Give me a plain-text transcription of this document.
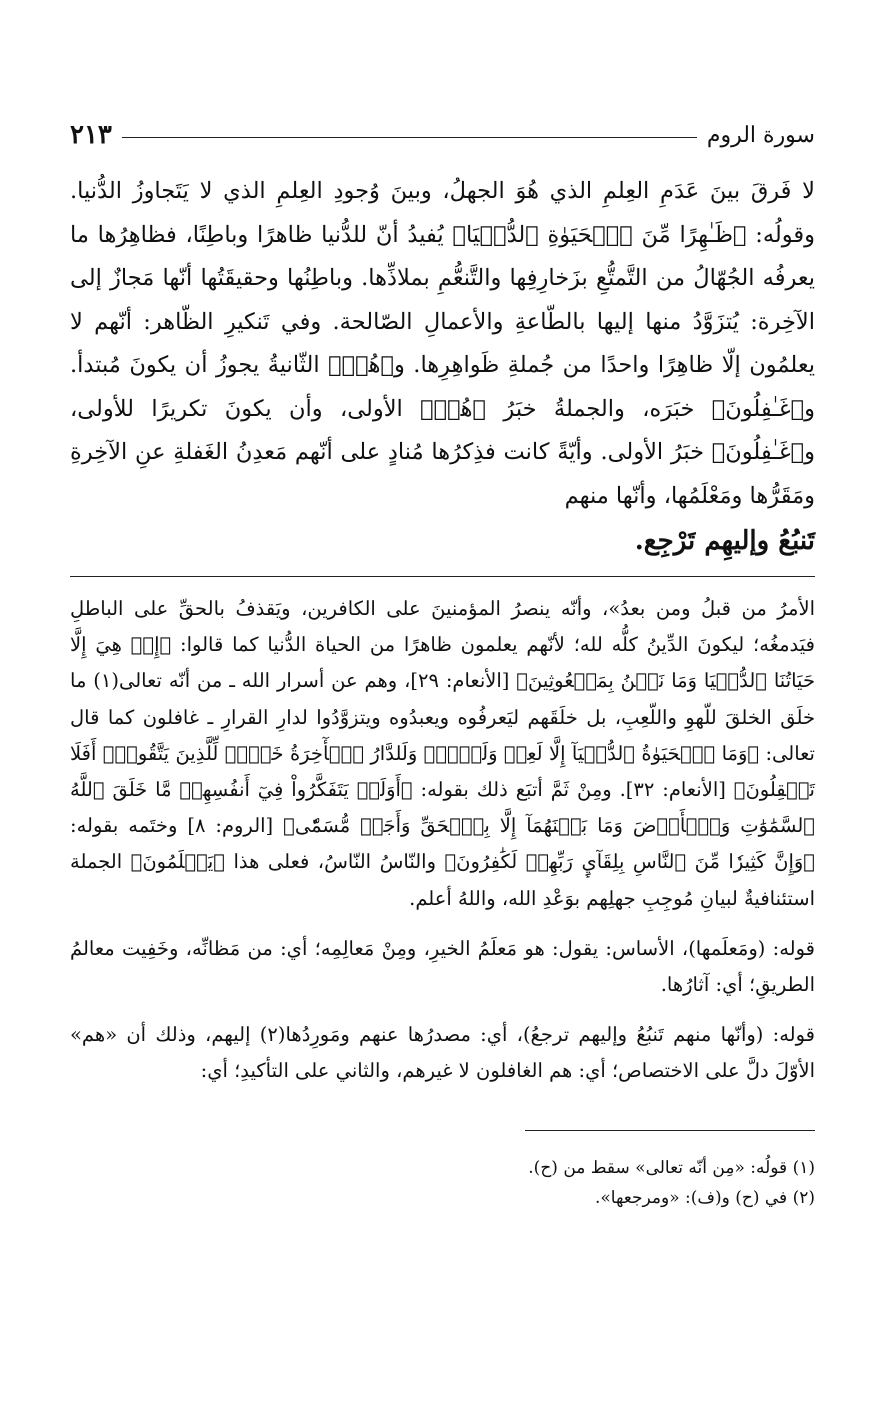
سورة الروم
٢١٣

لا فَرقَ بينَ عَدَمِ العِلمِ الذي هُوَ الجهلُ، وبينَ وُجودِ العِلمِ الذي لا يَتَجاوزُ الدُّنيا. وقولُه: ﴿ظَـٰهِرًا مِّنَ ٱلۡحَيَوٰةِ ٱلدُّنۡيَا﴾ يُفيدُ أنّ للدُّنيا ظاهرًا وباطِنًا، فظاهِرُها ما يعرفُه الجُهّالُ من التَّمتُّعِ بزَخارِفِها والتَّنعُّمِ بملاذِّها. وباطِنُها وحقيقَتُها أنّها مَجازٌ إلى الآخِرة: يُتزَوَّدُ منها إليها بالطّاعةِ والأعمالِ الصّالحة. وفي تَنكيرِ الظّاهر: أنّهم لا يعلمُون إلّا ظاهِرًا واحدًا من جُملةِ ظَواهِرِها. و﴿هُمۡ﴾ الثّانيةُ يجوزُ أن يكونَ مُبتدأ. و﴿غَـٰفِلُونَ﴾ خبَرَه، والجملةُ خبَرُ ﴿هُمۡ﴾ الأولى، وأن يكونَ تكريرًا للأولى، و﴿غَـٰفِلُونَ﴾ خبَرُ الأولى. وأيّةً كانت فذِكرُها مُنادٍ على أنّهم مَعدِنُ الغَفلةِ عنِ الآخِرةِ ومَقَرُّها ومَعْلَمُها، وأنّها منهم

تَنبُعُ وإليهِم تَرْجِع.

الأمرُ من قبلُ ومن بعدُ»، وأنّه ينصرُ المؤمنينَ على الكافرين، ويَقذفُ بالحقِّ على الباطلِ فيَدمغُه؛ ليكونَ الدِّينُ كلُّه لله؛ لأنّهم يعلمون ظاهرًا من الحياة الدُّنيا كما قالوا: ﴿إِنۡ هِيَ إِلَّا حَيَاتُنَا ٱلدُّنۡيَا وَمَا نَحۡنُ بِمَبۡعُوثِينَ﴾ [الأنعام: ٢٩]، وهم عن أسرار الله ـ من أنّه تعالى(١) ما خلَق الخلقَ للّهوِ واللّعِبِ، بل خلَقَهم ليَعرفُوه ويعبدُوه ويتزوَّدُوا لدارِ القرارِ ـ غافلون كما قال تعالى: ﴿وَمَا ٱلۡحَيَوٰةُ ٱلدُّنۡيَآ إِلَّا لَعِبٞ وَلَهۡوٞۖ وَلَلدَّارُ ٱلۡأٓخِرَةُ خَيۡرٞ لِّلَّذِينَ يَتَّقُونَۚ أَفَلَا تَعۡقِلُونَ﴾ [الأنعام: ٣٢]. ومِنْ ثَمَّ أتبَع ذلك بقوله: ﴿أَوَلَمۡ يَتَفَكَّرُواْ فِيٓ أَنفُسِهِمۗ مَّا خَلَقَ ٱللَّهُ ٱلسَّمَٰوَٰتِ وَٱلۡأَرۡضَ وَمَا بَيۡنَهُمَآ إِلَّا بِٱلۡحَقِّ وَأَجَلٖ مُّسَمّٗى﴾ [الروم: ٨] وختَمه بقوله: ﴿وَإِنَّ كَثِيرٗا مِّنَ ٱلنَّاسِ بِلِقَآيِٕ رَبِّهِمۡ لَكَٰفِرُونَ﴾ والنّاسُ النّاسُ، فعلى هذا ﴿يَعۡلَمُونَ﴾ الجملة استئنافيةٌ لبيانِ مُوجِبِ جهلِهم بوَعْدِ الله، واللهُ أعلم.

قوله: (ومَعلَمها)، الأساس: يقول: هو مَعلَمُ الخيرِ، ومِنْ مَعالِمِه؛ أي: من مَظانِّه، وخَفِيت معالمُ الطريقِ؛ أي: آثارُها.

قوله: (وأنّها منهم تَنبُعُ وإليهم ترجعُ)، أي: مصدرُها عنهم ومَورِدُها(٢) إليهم، وذلك أن «هم» الأوّلَ دلَّ على الاختصاص؛ أي: هم الغافلون لا غيرهم، والثاني على التأكيدِ؛ أي:

(١) قولُه: «مِن أنّه تعالى» سقط من (ح).
(٢) في (ح) و(ف): «ومرجعها».
